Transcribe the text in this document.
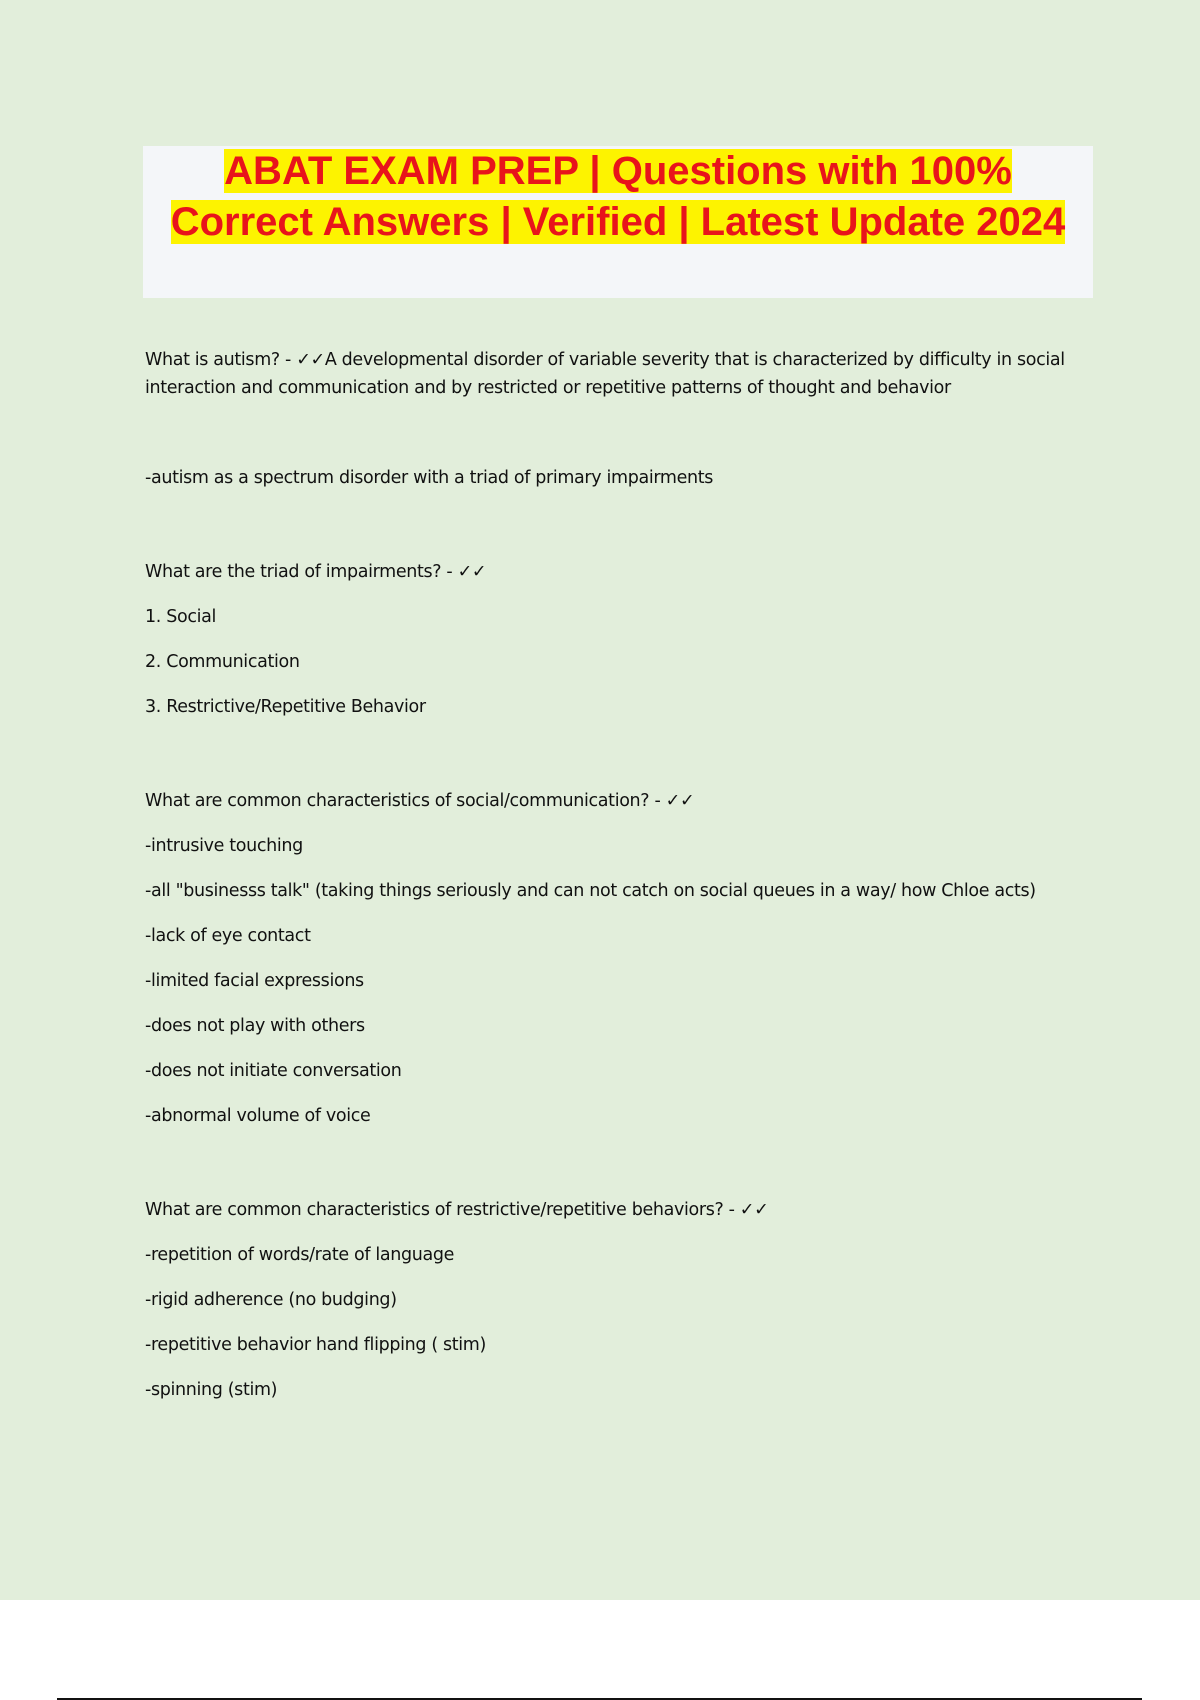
ABAT EXAM PREP | Questions with 100% Correct Answers | Verified | Latest Update 2024

What is autism? - ✓✓A developmental disorder of variable severity that is characterized by difficulty in social interaction and communication and by restricted or repetitive patterns of thought and behavior

-autism as a spectrum disorder with a triad of primary impairments

What are the triad of impairments? - ✓✓

1. Social

2. Communication

3. Restrictive/Repetitive Behavior

What are common characteristics of social/communication? - ✓✓

-intrusive touching

-all "businesss talk" (taking things seriously and can not catch on social queues in a way/ how Chloe acts)

-lack of eye contact

-limited facial expressions

-does not play with others

-does not initiate conversation

-abnormal volume of voice

What are common characteristics of restrictive/repetitive behaviors? - ✓✓

-repetition of words/rate of language

-rigid adherence (no budging)

-repetitive behavior hand flipping ( stim)

-spinning (stim)
